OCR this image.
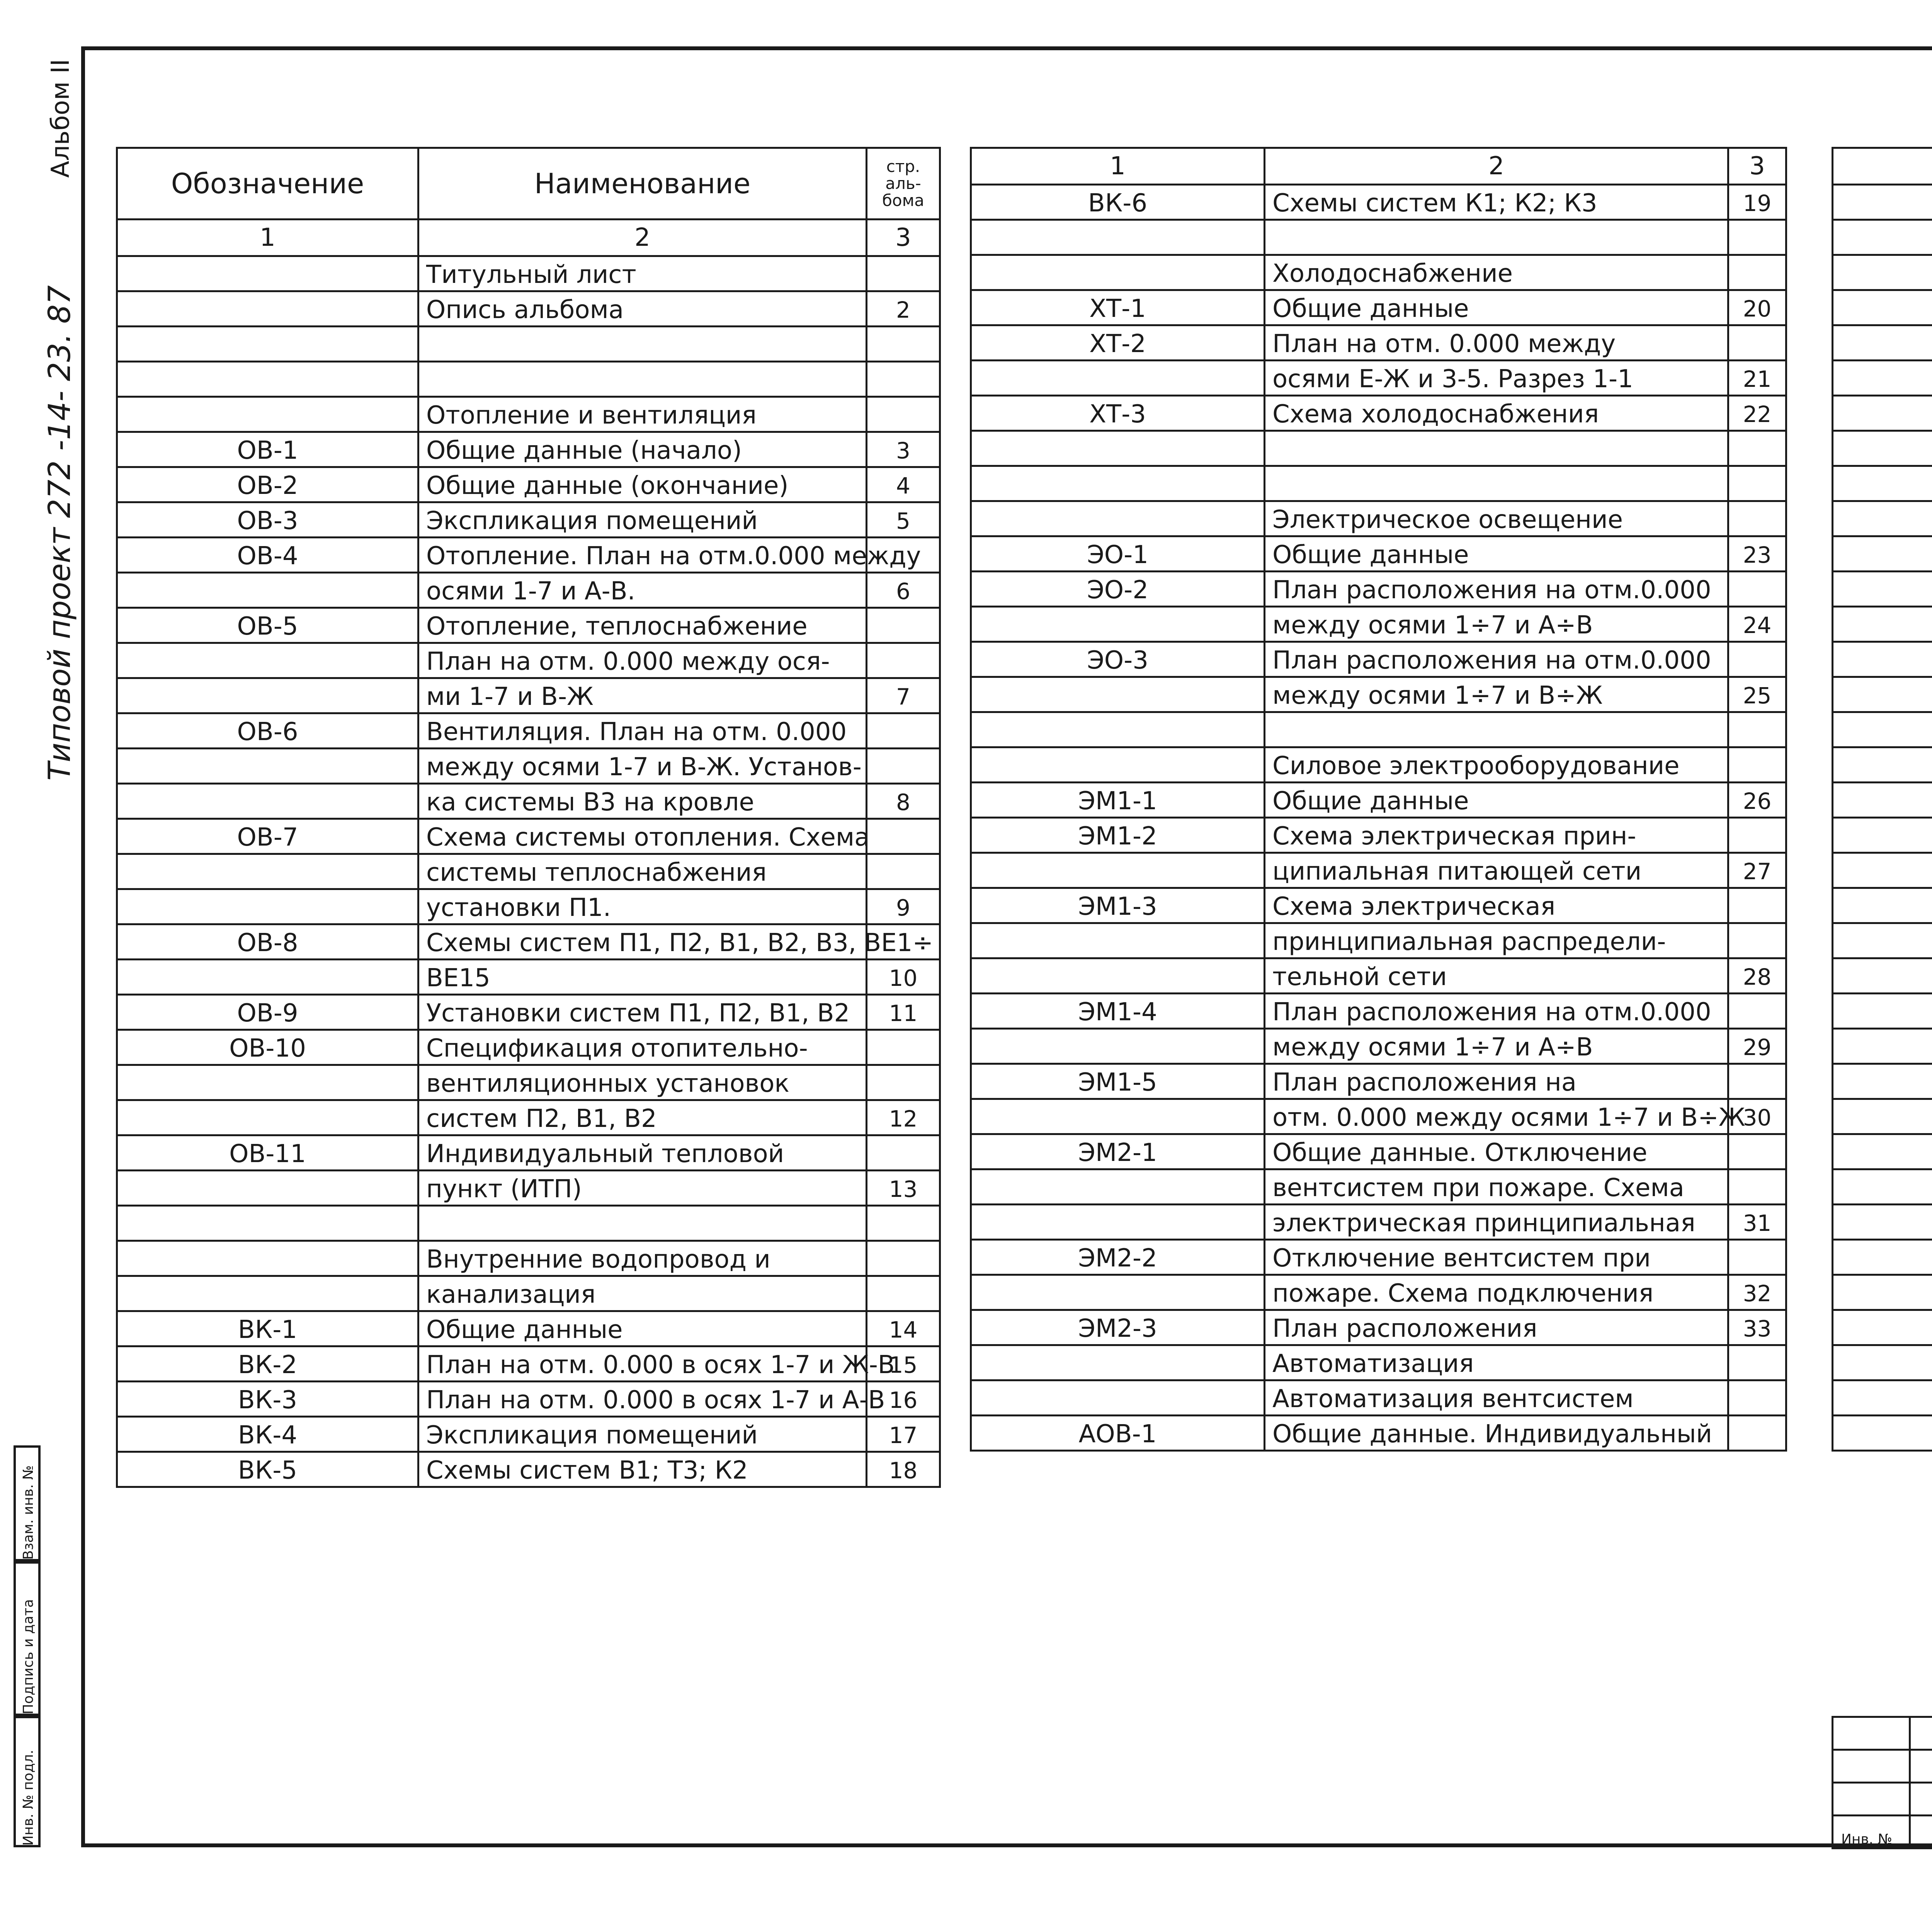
Альбом II
Типовой проект 272 -14- 23. 87
Инв. № подл.
Подпись и дата
Взам. инв. №
Обозначение	Наименование	стр. аль- бома
1	2	3
	Титульный лист	
	Опись альбома	2

	Отопление и вентиляция	
ОВ-1	Общие данные (начало)	3
ОВ-2	Общие данные (окончание)	4
ОВ-3	Экспликация помещений	5
ОВ-4	Отопление. План на отм.0.000 между	
	осями 1-7 и А-В.	6
ОВ-5	Отопление, теплоснабжение	
	План на отм. 0.000 между ося-	
	ми 1-7 и В-Ж	7
ОВ-6	Вентиляция. План на отм. 0.000	
	между осями 1-7 и В-Ж. Установ-	
	ка системы В3 на кровле	8
ОВ-7	Схема системы отопления. Схема	
	системы теплоснабжения	
	установки П1.	9
ОВ-8	Схемы систем П1, П2, В1, В2, В3, ВЕ1÷	
	ВЕ15	10
ОВ-9	Установки систем П1, П2, В1, В2	11
ОВ-10	Спецификация отопительно-	
	вентиляционных установок	
	систем П2, В1, В2	12
ОВ-11	Индивидуальный тепловой	
	пункт (ИТП)	13

	Внутренние водопровод и	
	канализация	
ВК-1	Общие данные	14
ВК-2	План на отм. 0.000 в осях 1-7 и Ж-В	15
ВК-3	План на отм. 0.000 в осях 1-7 и А-В	16
ВК-4	Экспликация помещений	17
ВК-5	Схемы систем В1; Т3; К2	18
1	2	3
ВК-6	Схемы систем К1; К2; К3	19

	Холодоснабжение	
ХТ-1	Общие данные	20
ХТ-2	План на отм. 0.000 между	
	осями Е-Ж и 3-5. Разрез 1-1	21
ХТ-3	Схема холодоснабжения	22

	Электрическое освещение	
ЭО-1	Общие данные	23
ЭО-2	План расположения на отм.0.000	
	между осями 1÷7 и А÷В	24
ЭО-3	План расположения на отм.0.000	
	между осями 1÷7 и В÷Ж	25

	Силовое электрооборудование	
ЭМ1-1	Общие данные	26
ЭМ1-2	Схема электрическая прин-	
	ципиальная питающей сети	27
ЭМ1-3	Схема электрическая	
	принципиальная распредели-	
	тельной сети	28
ЭМ1-4	План расположения на отм.0.000	
	между осями 1÷7 и А÷В	29
ЭМ1-5	План расположения на	
	отм. 0.000 между осями 1÷7 и В÷Ж	30
ЭМ2-1	Общие данные. Отключение	
	вентсистем при пожаре. Схема	
	электрическая принципиальная	31
ЭМ2-2	Отключение вентсистем при	
	пожаре. Схема подключения	32
ЭМ2-3	План расположения	33
	Автоматизация	
	Автоматизация вентсистем	
АОВ-1	Общие данные. Индивидуальный	

Инв. №					
